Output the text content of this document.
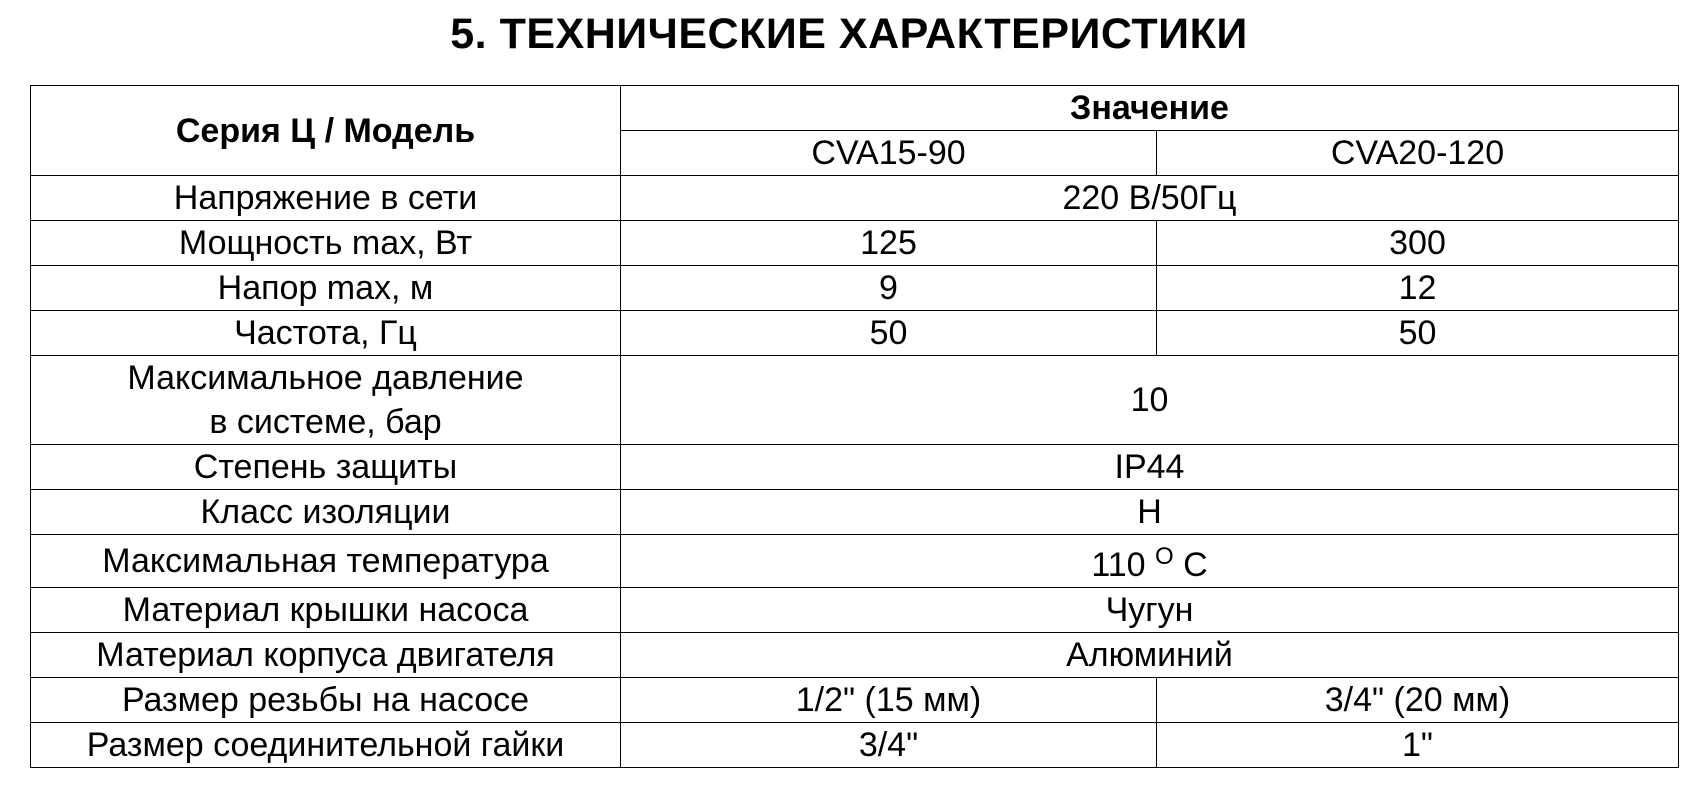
5. ТЕХНИЧЕСКИЕ ХАРАКТЕРИСТИКИ
Серия Ц / Модель	Значение	
	CVA15-90	CVA20-120
Напряжение в сети	220 В/50Гц	
Мощность max, Вт	125	300
Напор max, м	9	12
Частота, Гц	50	50

Максимальное давление
в системе, бар	10	
Степень защиты	IP44	
Класс изоляции	H	
Максимальная температура	110 $^O$ C	
Материал крышки насоса	Чугун	
Материал корпуса двигателя	Алюминий	
Размер резьбы на насосе	1/2" (15 мм)	3/4" (20 мм)
Размер соединительной гайки	3/4"	1"
